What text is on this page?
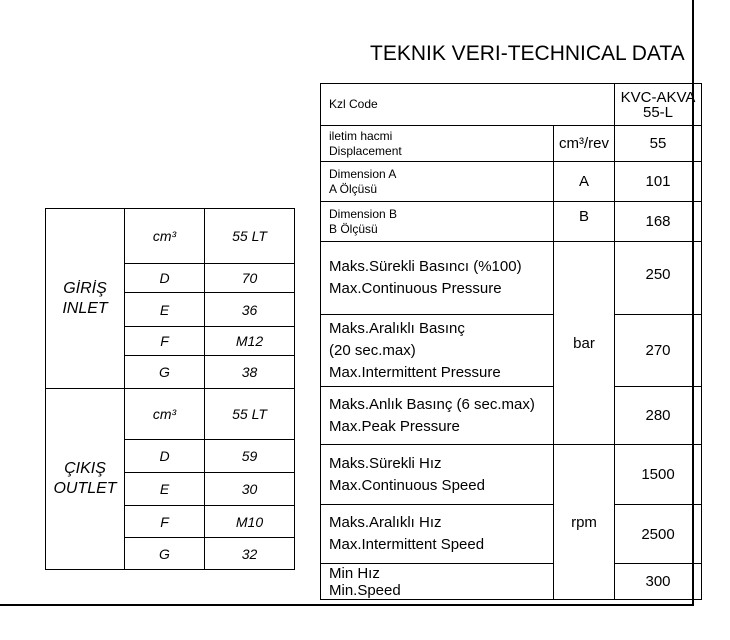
TEKNIK VERI-TECHNICAL DATA
GİRİŞ
INLET	cm³	55 LT
	D	70
	E	36
	F	M12
	G	38

ÇIKIŞ
OUTLET	cm³	55 LT
	D	59
	E	30
	F	M10
	G	32
Kzl Code		KVC-AKVA
55-L

iletim hacmi
Displacement	cm³/rev	55

Dimension A
A Ölçüsü	A	101

Dimension B
B Ölçüsü	B	168

Maks.Sürekli Basıncı (%100)
Max.Continuous Pressure	bar	250

Maks.Aralıklı Basınç
(20 sec.max)
Max.Intermittent Pressure		270

Maks.Anlık Basınç (6 sec.max)
Max.Peak Pressure		280

Maks.Sürekli Hız
Max.Continuous Speed	rpm	1500

Maks.Aralıklı Hız
Max.Intermittent Speed		2500

Min Hız
Min.Speed		300
